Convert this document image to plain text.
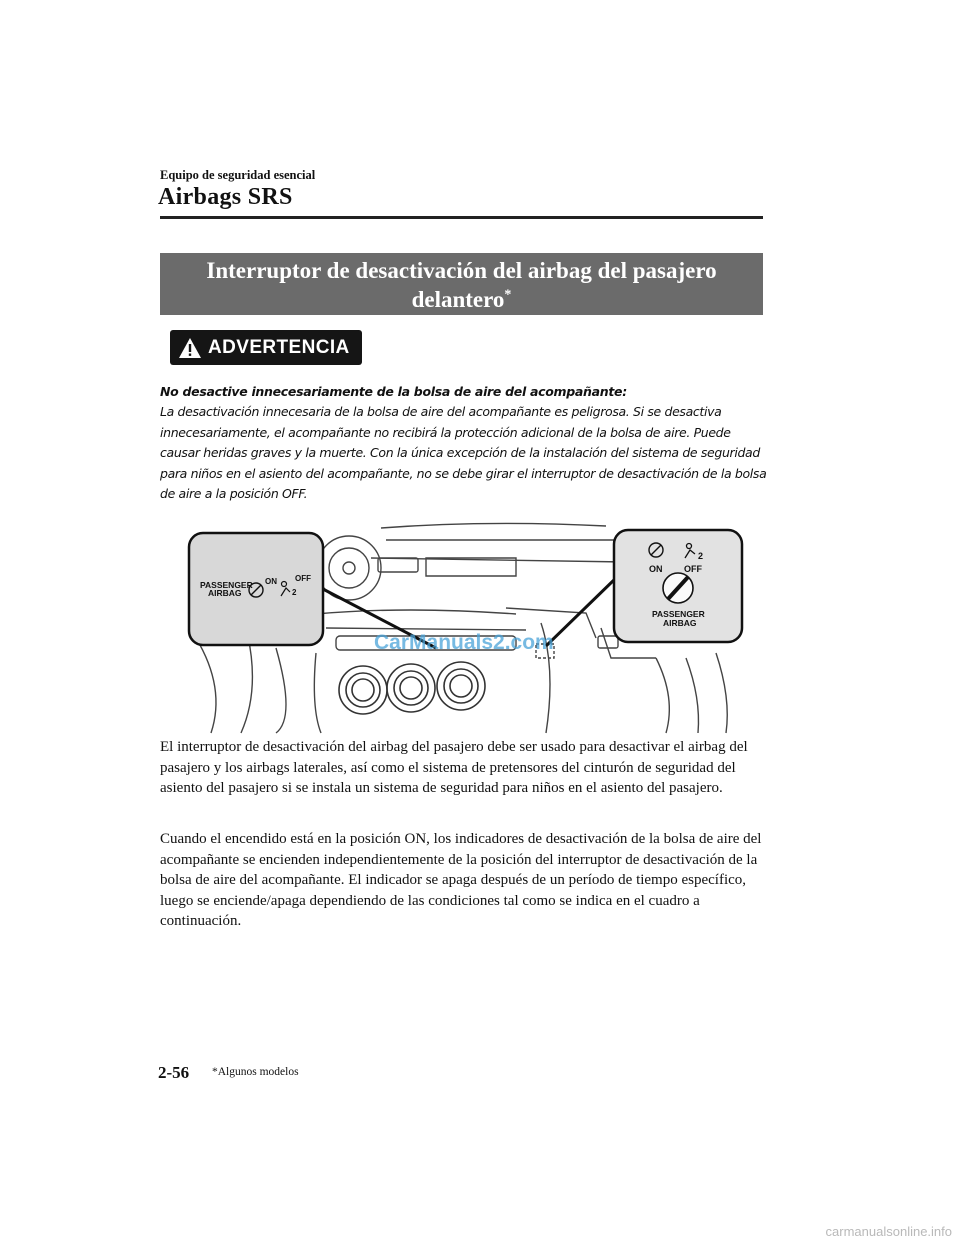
Equipo de seguridad esencial
Airbags SRS
Interruptor de desactivación del airbag del pasajero delantero*
ADVERTENCIA
No desactive innecesariamente de la bolsa de aire del acompañante:
La desactivación innecesaria de la bolsa de aire del acompañante es peligrosa. Si se desactiva innecesariamente, el acompañante no recibirá la protección adicional de la bolsa de aire. Puede causar heridas graves y la muerte. Con la única excepción de la instalación del sistema de seguridad para niños en el asiento del acompañante, no se debe girar el interruptor de desactivación de la bolsa de aire a la posición OFF.
PASSENGER
AIRBAG
ON OFF
2
2
ON OFF
PASSENGER
AIRBAG
CarManuals2.com
El interruptor de desactivación del airbag del pasajero debe ser usado para desactivar el airbag del pasajero y los airbags laterales, así como el sistema de pretensores del cinturón de seguridad del asiento del pasajero si se instala un sistema de seguridad para niños en el asiento del pasajero.
Cuando el encendido está en la posición ON, los indicadores de desactivación de la bolsa de aire del acompañante se encienden independientemente de la posición del interruptor de desactivación de la bolsa de aire del acompañante. El indicador se apaga después de un período de tiempo específico, luego se enciende/apaga dependiendo de las condiciones tal como se indica en el cuadro a continuación.
2-56 *Algunos modelos
carmanualsonline.info
